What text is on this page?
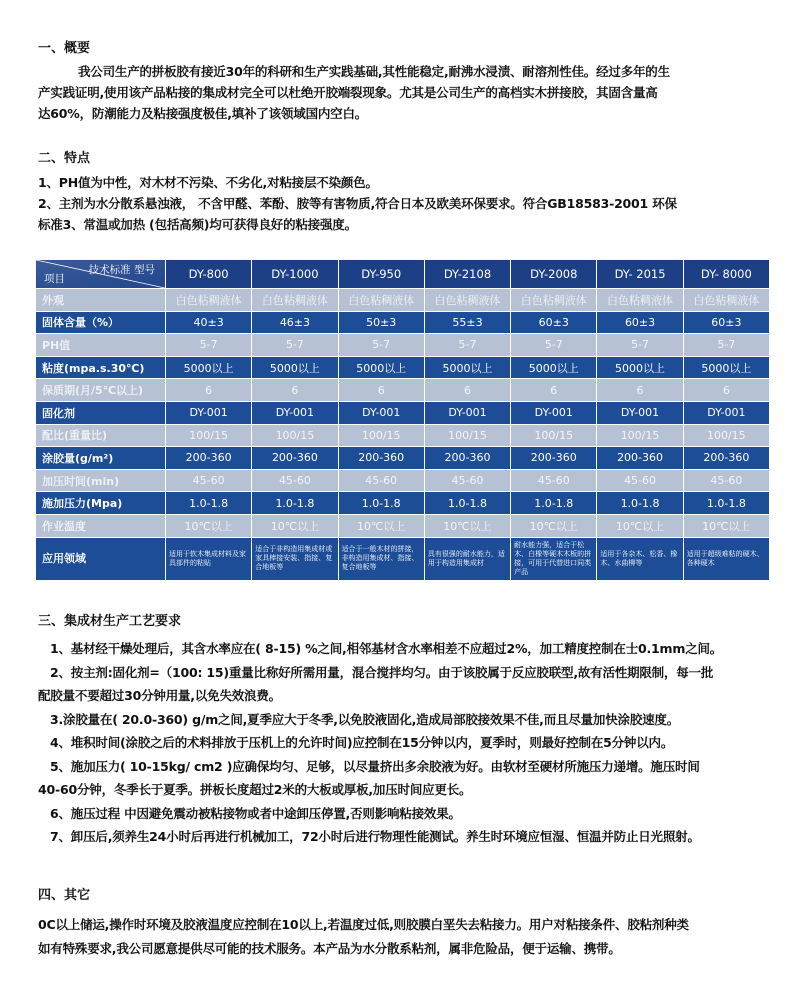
一、概要
我公司生产的拼板胶有接近30年的科研和生产实践基础,其性能稳定,耐沸水浸渍、耐溶剂性佳。经过多年的生
产实践证明,使用该产品粘接的集成材完全可以杜绝开胶端裂现象。尤其是公司生产的高档实木拼接胶，其固含量高
达60%，防潮能力及粘接强度极佳,填补了该领域国内空白。
二、特点
1、PH值为中性，对木材不污染、不劣化,对粘接层不染颜色。
2、主剂为水分散系悬浊液， 不含甲醛、苯酚、胺等有害物质,符合日本及欧美环保要求。符合GB18583-2001 环保
标准3、常温或加热 (包括高频)均可获得良好的粘接强度。
技术标准 型号
项目	DY-800	DY-1000	DY-950	DY-2108	DY-2008	DY- 2015	DY- 8000
外观	白色粘稠液体	白色粘稠液体	白色粘稠液体	白色粘稠液体	白色粘稠液体	白色粘稠液体	白色粘稠液体
固体含量（%）	40±3	46±3	50±3	55±3	60±3	60±3	60±3
PH值	5-7	5-7	5-7	5-7	5-7	5-7	5-7
粘度(mpa.s.30℃)	5000以上	5000以上	5000以上	5000以上	5000以上	5000以上	5000以上
保质期(月/5℃以上)	6	6	6	6	6	6	6
固化剂	DY-001	DY-001	DY-001	DY-001	DY-001	DY-001	DY-001
配比(重量比)	100/15	100/15	100/15	100/15	100/15	100/15	100/15
涂胶量(g/m²)	200-360	200-360	200-360	200-360	200-360	200-360	200-360
加压时间(min)	45-60	45-60	45-60	45-60	45-60	45-60	45-60
施加压力(Mpa)	1.0-1.8	1.0-1.8	1.0-1.8	1.0-1.8	1.0-1.8	1.0-1.8	1.0-1.8
作业温度	10℃以上	10℃以上	10℃以上	10℃以上	10℃以上	10℃以上	10℃以上
应用领域	适用于软木集成材料及家具部件的粘贴	适合于非构造用集成材或家具棒接安装、指接、复合地板等	适合于一般木材的拼接，非构造用集成材、指接、复合地板等	具有很强的耐水能力，适用于构造用集成材	耐水能力强，适合于松木、白橡等硬木木板的拼接，可用于代替进口同类产品	适用于各杂木、松香、橡木、水曲柳等	适用于超级难粘的硬木、各种硬木
三、集成材生产工艺要求
1、基材经干燥处理后，其含水率应在( 8-15) %之间,相邻基材含水率相差不应超过2%，加工精度控制在士0.1mm之间。
2、按主剂:固化剂=（100: 15)重量比称好所需用量，混合搅拌均匀。由于该胶属于反应胶联型,故有活性期限制，每一批
配胶量不要超过30分钟用量,以免失效浪费。
3.涂胶量在( 20.0-360) g/m之间,夏季应大于冬季,以免胶液固化,造成局部胶接效果不佳,而且尽量加快涂胶速度。
4、堆积时间(涂胶之后的术料排放于压机上的允许时间)应控制在15分钟以内，夏季时，则最好控制在5分钟以内。
5、施加压力( 10-15kg/ cm2 )应确保均匀、足够，以尽量挤出多余胶液为好。由软材至硬材所施压力递增。施压时间
40-60分钟，冬季长于夏季。拼板长度超过2米的大板或厚板,加压时间应更长。
6、施压过程 中因避免震动被粘接物或者中途卸压停置,否则影响粘接效果。
7、卸压后,须养生24小时后再进行机械加工，72小时后进行物理性能测试。养生时环境应恒湿、恒温并防止日光照射。
四、其它
0C以上储运,操作时环境及胶液温度应控制在10以上,若温度过低,则胶膜白垩失去粘接力。用户对粘接条件、胶粘剂种类
如有特殊要求,我公司愿意提供尽可能的技术服务。本产品为水分散系粘剂，属非危险品，便于运输、携带。
